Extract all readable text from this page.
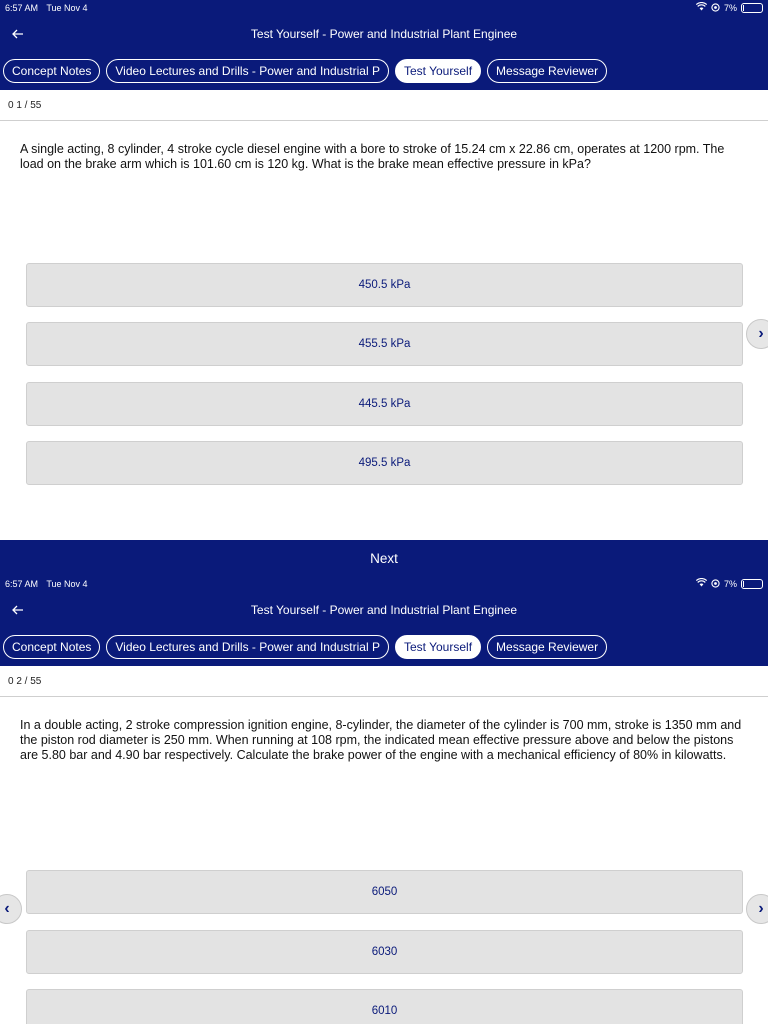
6:57 AM Tue Nov 4	7%
Test Yourself - Power and Industrial Plant Enginee
Concept Notes	Video Lectures and Drills - Power and Industrial P	Test Yourself	Message Reviewer
0 1 / 55
A single acting, 8 cylinder, 4 stroke cycle diesel engine with a bore to stroke of 15.24 cm x 22.86 cm, operates at 1200 rpm. The load on the brake arm which is 101.60 cm is 120 kg. What is the brake mean effective pressure in kPa?
450.5 kPa
455.5 kPa
445.5 kPa
495.5 kPa
›
Next
6:57 AM Tue Nov 4	7%
Test Yourself - Power and Industrial Plant Enginee
Concept Notes	Video Lectures and Drills - Power and Industrial P	Test Yourself	Message Reviewer
0 2 / 55
In a double acting, 2 stroke compression ignition engine, 8-cylinder, the diameter of the cylinder is 700 mm, stroke is 1350 mm and the piston rod diameter is 250 mm. When running at 108 rpm, the indicated mean effective pressure above and below the pistons are 5.80 bar and 4.90 bar respectively. Calculate the brake power of the engine with a mechanical efficiency of 80% in kilowatts.
6050
6030
6010
‹	›
